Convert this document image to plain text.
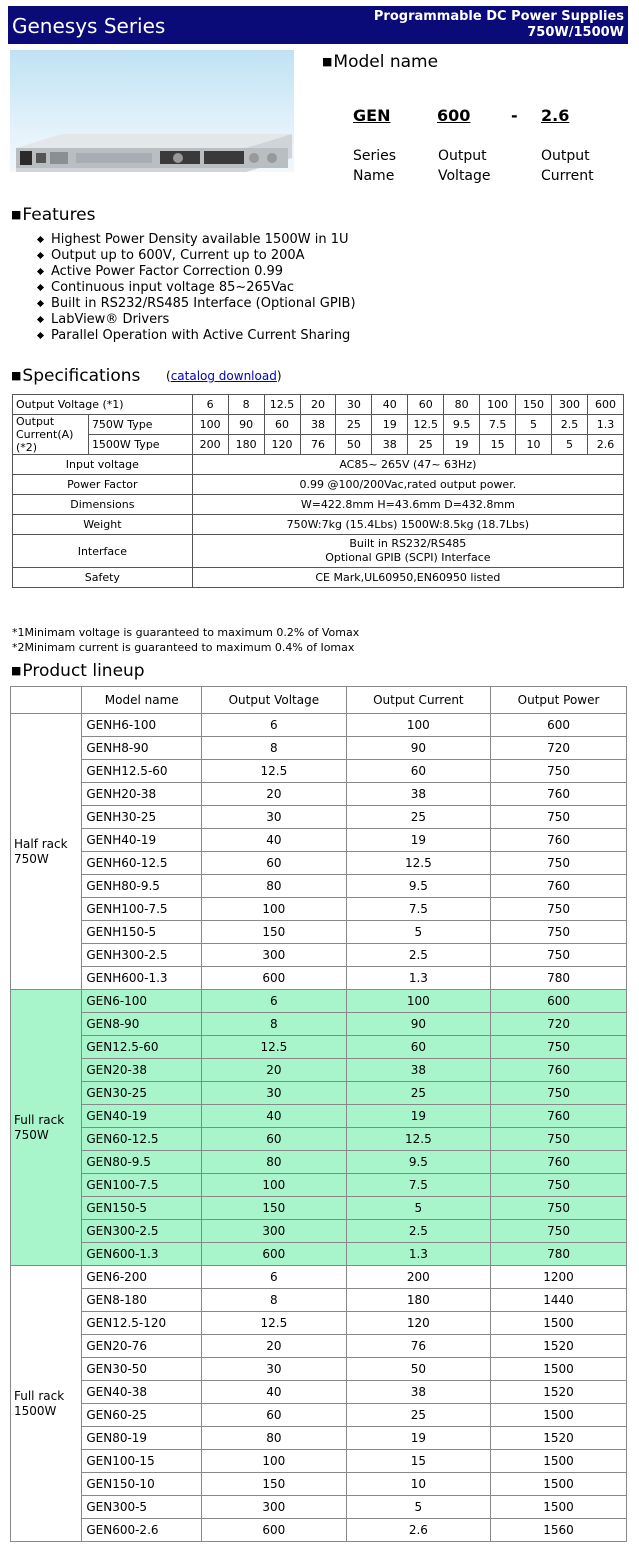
Genesys Series	Programmable DC Power Supplies
750W/1500W
■Model name
GEN	600	- 2.6
Series
Name
Output
Voltage
Output
Current
■Features
Highest Power Density available 1500W in 1U
Output up to 600V, Current up to 200A
Active Power Factor Correction 0.99
Continuous input voltage 85~265Vac
Built in RS232/RS485 Interface (Optional GPIB)
LabView® Drivers
Parallel Operation with Active Current Sharing
■Specifications (catalog download)
Output Voltage (*1)		6	8	12.5	20	30	40	60	80	100	150	300	600
Output Current(A) (*2)	750W Type	100	90	60	38	25	19	12.5	9.5	7.5	5	2.5	1.3
	1500W Type	200	180	120	76	50	38	25	19	15	10	5	2.6
Input voltage		AC85~ 265V (47~ 63Hz)											
Power Factor		0.99 @100/200Vac,rated output power.											
Dimensions		W=422.8mm H=43.6mm D=432.8mm											
Weight		750W:7kg (15.4Lbs) 1500W:8.5kg (18.7Lbs)											
Interface		Built in RS232/RS485
Optional GPIB (SCPI) Interface											

Safety		CE Mark,UL60950,EN60950 listed											
*1Minimam voltage is guaranteed to maximum 0.2% of Vomax
*2Minimam current is guaranteed to maximum 0.4% of Iomax
■Product lineup
	Model name	Output Voltage	Output Current	Output Power

Half rack
750W	GENH6-100	6	100	600
	GENH8-90	8	90	720
	GENH12.5-60	12.5	60	750
	GENH20-38	20	38	760
	GENH30-25	30	25	750
	GENH40-19	40	19	760
	GENH60-12.5	60	12.5	750
	GENH80-9.5	80	9.5	760
	GENH100-7.5	100	7.5	750
	GENH150-5	150	5	750
	GENH300-2.5	300	2.5	750
	GENH600-1.3	600	1.3	780

Full rack
750W	GEN6-100	6	100	600
	GEN8-90	8	90	720
	GEN12.5-60	12.5	60	750
	GEN20-38	20	38	760
	GEN30-25	30	25	750
	GEN40-19	40	19	760
	GEN60-12.5	60	12.5	750
	GEN80-9.5	80	9.5	760
	GEN100-7.5	100	7.5	750
	GEN150-5	150	5	750
	GEN300-2.5	300	2.5	750
	GEN600-1.3	600	1.3	780

Full rack
1500W	GEN6-200	6	200	1200
	GEN8-180	8	180	1440
	GEN12.5-120	12.5	120	1500
	GEN20-76	20	76	1520
	GEN30-50	30	50	1500
	GEN40-38	40	38	1520
	GEN60-25	60	25	1500
	GEN80-19	80	19	1520
	GEN100-15	100	15	1500
	GEN150-10	150	10	1500
	GEN300-5	300	5	1500
	GEN600-2.6	600	2.6	1560
